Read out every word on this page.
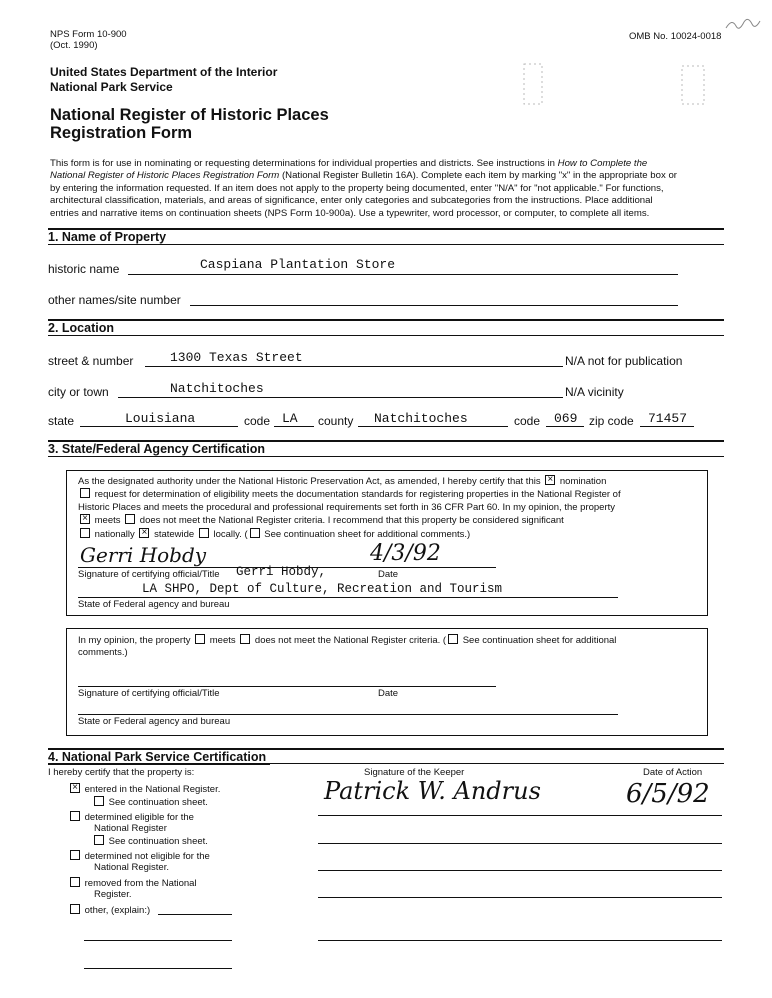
NPS Form 10-900
(Oct. 1990)
OMB No. 10024-0018
United States Department of the Interior
National Park Service
National Register of Historic Places
Registration Form
This form is for use in nominating or requesting determinations for individual properties and districts. See instructions in How to Complete the
National Register of Historic Places Registration Form (National Register Bulletin 16A). Complete each item by marking "x" in the appropriate box or
by entering the information requested. If an item does not apply to the property being documented, enter "N/A" for "not applicable." For functions,
architectural classification, materials, and areas of significance, enter only categories and subcategories from the instructions. Place additional
entries and narrative items on continuation sheets (NPS Form 10-900a). Use a typewriter, word processor, or computer, to complete all items.
1. Name of Property
historic name	Caspiana Plantation Store
other names/site number
2. Location
street & number	1300 Texas Street	N/A not for publication
city or town	Natchitoches	N/A vicinity
state	Louisiana	code LA county Natchitoches	code 069 zip code 71457
3. State/Federal Agency Certification
As the designated authority under the National Historic Preservation Act, as amended, I hereby certify that this × nomination
request for determination of eligibility meets the documentation standards for registering properties in the National Register of
Historic Places and meets the procedural and professional requirements set forth in 36 CFR Part 60. In my opinion, the property
× meets does not meet the National Register criteria. I recommend that this property be considered significant
nationally × statewide locally. ( See continuation sheet for additional comments.)
Gerri Hobdy	4/3/92
Signature of certifying official/Title Gerri Hobdy,	Date
LA SHPO, Dept of Culture, Recreation and Tourism
State of Federal agency and bureau
In my opinion, the property meets does not meet the National Register criteria. ( See continuation sheet for additional
comments.)
Signature of certifying official/Title	Date
State or Federal agency and bureau
4. National Park Service Certification
I hereby certify that the property is:
× entered in the National Register.
See continuation sheet.
determined eligible for the
National Register
See continuation sheet.
determined not eligible for the
National Register.
removed from the National
Register.
other, (explain:)
Signature of the Keeper	Date of Action
Patrick W. Andrus	6/5/92
